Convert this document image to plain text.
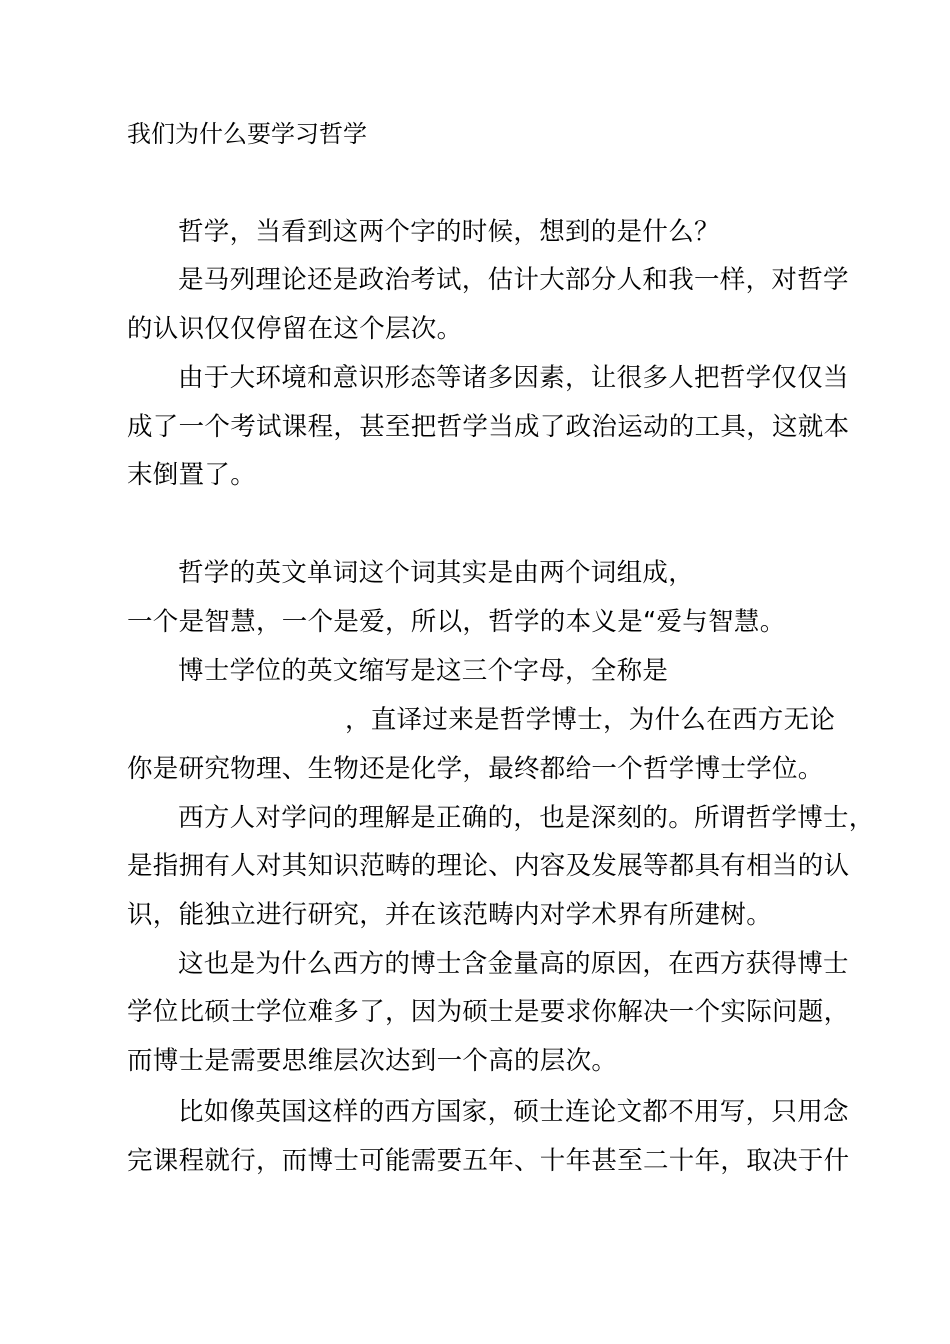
我们为什么要学习哲学
哲学，当看到这两个字的时候，想到的是什么？
是马列理论还是政治考试，估计大部分人和我一样，对哲学
的认识仅仅停留在这个层次。
由于大环境和意识形态等诸多因素，让很多人把哲学仅仅当
成了一个考试课程，甚至把哲学当成了政治运动的工具，这就本
末倒置了。
哲学的英文单词这个词其实是由两个词组成，
一个是智慧，一个是爱，所以，哲学的本义是“爱与智慧。
博士学位的英文缩写是这三个字母，全称是
，直译过来是哲学博士，为什么在西方无论
你是研究物理、生物还是化学，最终都给一个哲学博士学位。
西方人对学问的理解是正确的，也是深刻的。所谓哲学博士，
是指拥有人对其知识范畴的理论、内容及发展等都具有相当的认
识，能独立进行研究，并在该范畴内对学术界有所建树。
这也是为什么西方的博士含金量高的原因，在西方获得博士
学位比硕士学位难多了，因为硕士是要求你解决一个实际问题，
而博士是需要思维层次达到一个高的层次。
比如像英国这样的西方国家，硕士连论文都不用写，只用念
完课程就行，而博士可能需要五年、十年甚至二十年，取决于什
